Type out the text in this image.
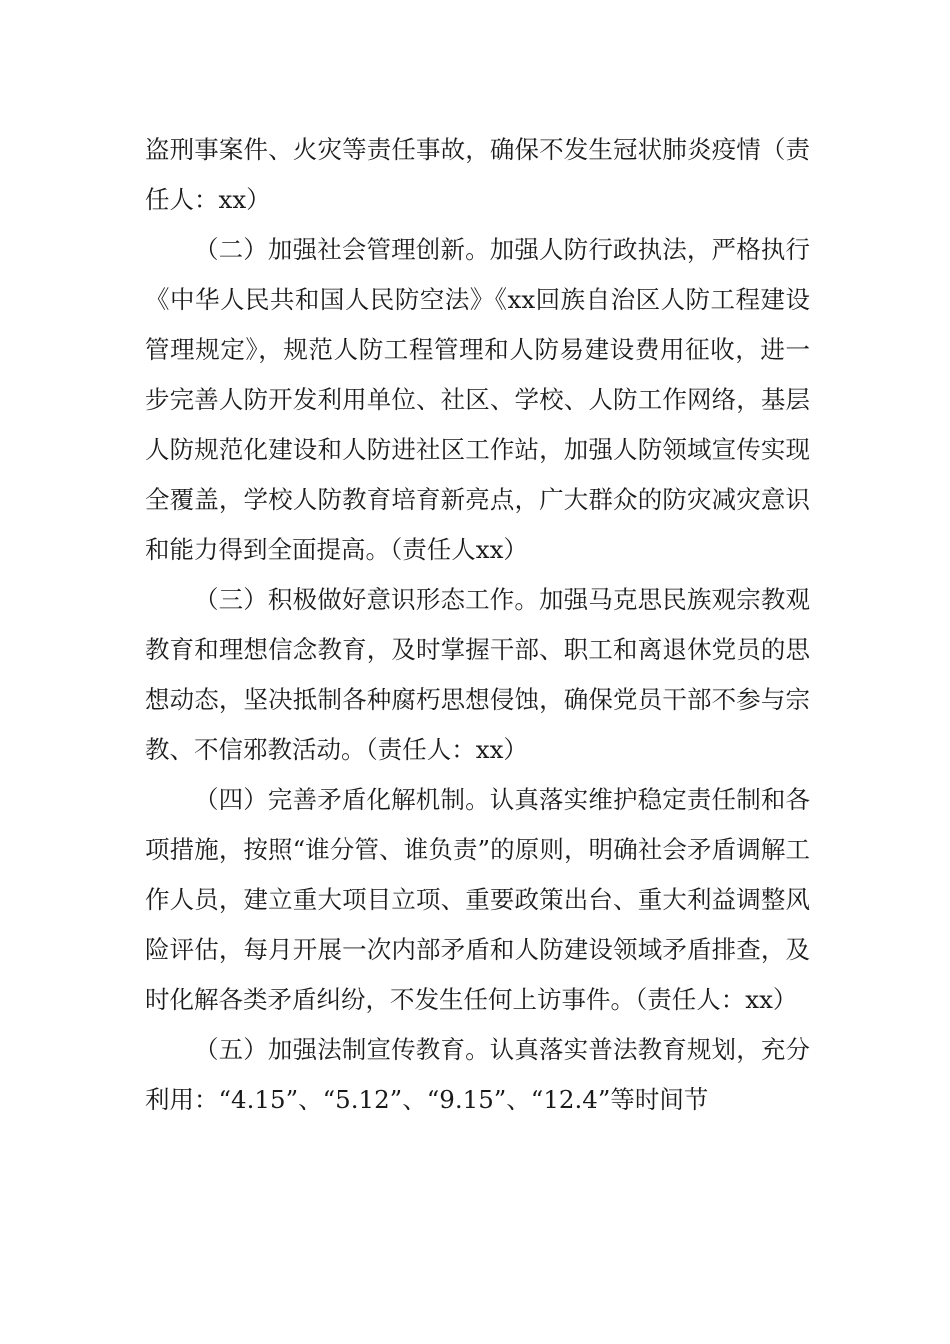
盗刑事案件、火灾等责任事故，确保不发生冠状肺炎疫情（责任人：xx）

（二）加强社会管理创新。加强人防行政执法，严格执行《中华人民共和国人民防空法》《xx回族自治区人防工程建设管理规定》，规范人防工程管理和人防易建设费用征收，进一步完善人防开发利用单位、社区、学校、人防工作网络，基层人防规范化建设和人防进社区工作站，加强人防领域宣传实现全覆盖，学校人防教育培育新亮点，广大群众的防灾减灾意识和能力得到全面提高。（责任人xx）

（三）积极做好意识形态工作。加强马克思民族观宗教观教育和理想信念教育，及时掌握干部、职工和离退休党员的思想动态，坚决抵制各种腐朽思想侵蚀，确保党员干部不参与宗教、不信邪教活动。（责任人：xx）

（四）完善矛盾化解机制。认真落实维护稳定责任制和各项措施，按照“谁分管、谁负责”的原则，明确社会矛盾调解工作人员，建立重大项目立项、重要政策出台、重大利益调整风险评估，每月开展一次内部矛盾和人防建设领域矛盾排查，及时化解各类矛盾纠纷，不发生任何上访事件。（责任人：xx）

（五）加强法制宣传教育。认真落实普法教育规划，充分利用：“4.15”、“5.12”、“9.15”、“12.4”等时间节
